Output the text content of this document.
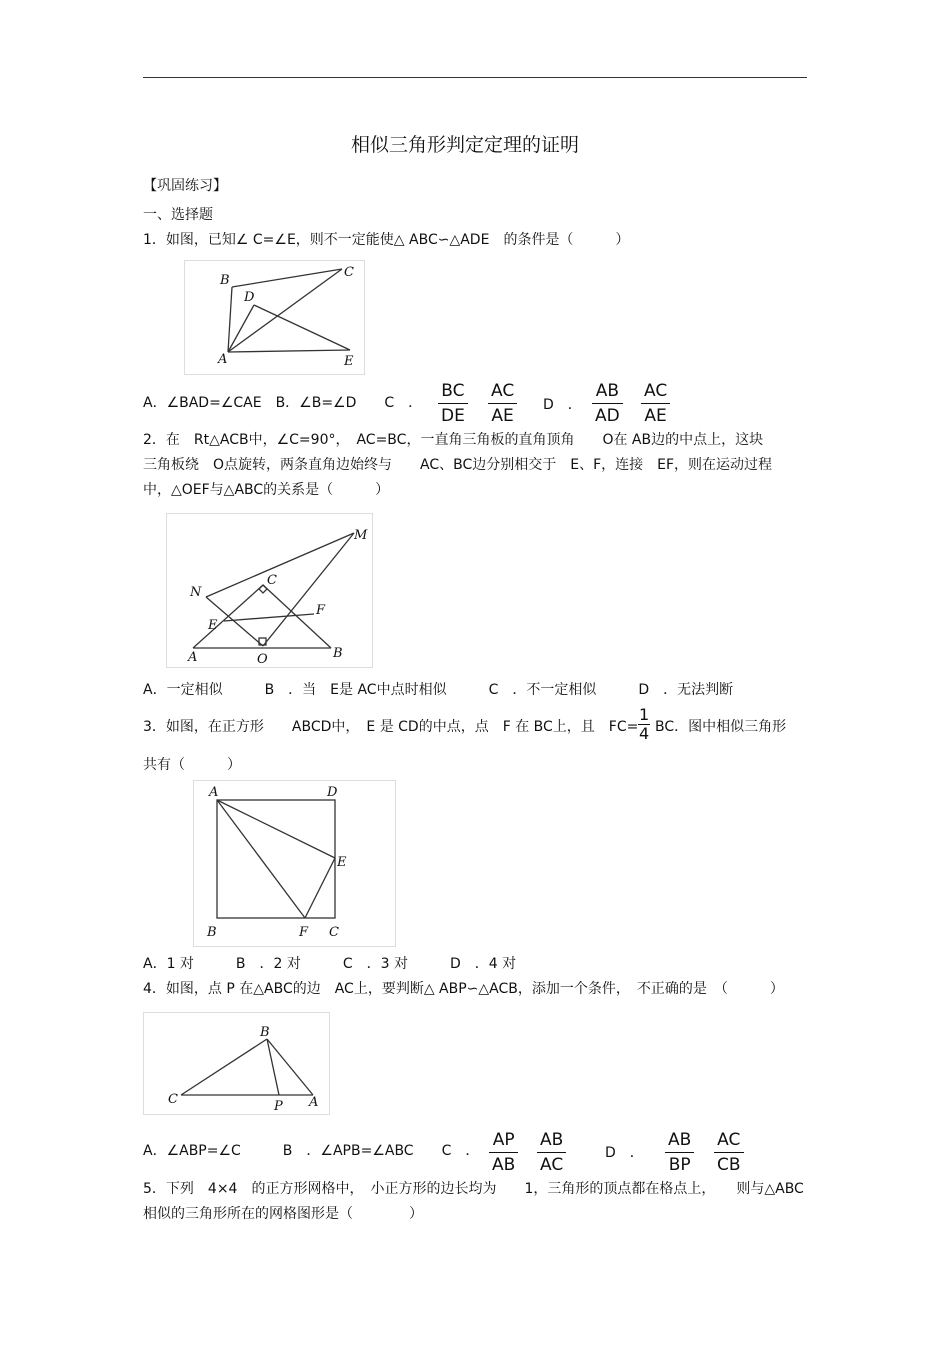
相似三角形判定定理的证明
【巩固练习】
一、选择题
1．如图，已知∠ C=∠E，则不一定能使△ ABC∽△ADE　的条件是（　　　）
B
C
D
A	E
A．∠BAD=∠CAE　B．∠B=∠D　　C　． $\frac{BC}{DE} \frac{AC}{AE}$ D　． $\frac{AB}{AD} \frac{AC}{AE}$
2．在　Rt△ACB中，∠C=90°，　AC=BC，一直角三角板的直角顶角　　O在 AB边的中点上，这块
三角板绕　O点旋转，两条直角边始终与　　AC、BC边分别相交于　E、F，连接　EF，则在运动过程
中，△OEF与△ABC的关系是（　　　）
M
N
C
F
E
A	O	B
A．一定相似　　　B　．当　E是 AC中点时相似　　　C　．不一定相似　　　D　．无法判断
3．如图，在正方形　　ABCD中，　E 是 CD的中点，点　F 在 BC上，且　FC=
1
4 BC．图中相似三角形
共有（　　　）
A	D
E
B	F C
A．1 对　　　B　．2 对　　　C　．3 对　　　D　．4 对
4．如图，点 P 在△ABC的边　AC上，要判断△ ABP∽△ACB，添加一个条件，　不正确的是　（　　　）
B
C	P A
A．∠ABP=∠C　　　B　．∠APB=∠ABC　　C　． $\frac{AP}{AB} \frac{AB}{AC}$	D　． $\frac{AB}{BP} \frac{AC}{CB}$
5．下列　4×4　的正方形网格中，　小正方形的边长均为　　1，三角形的顶点都在格点上，　　则与△ABC
相似的三角形所在的网格图形是（　　　　）
